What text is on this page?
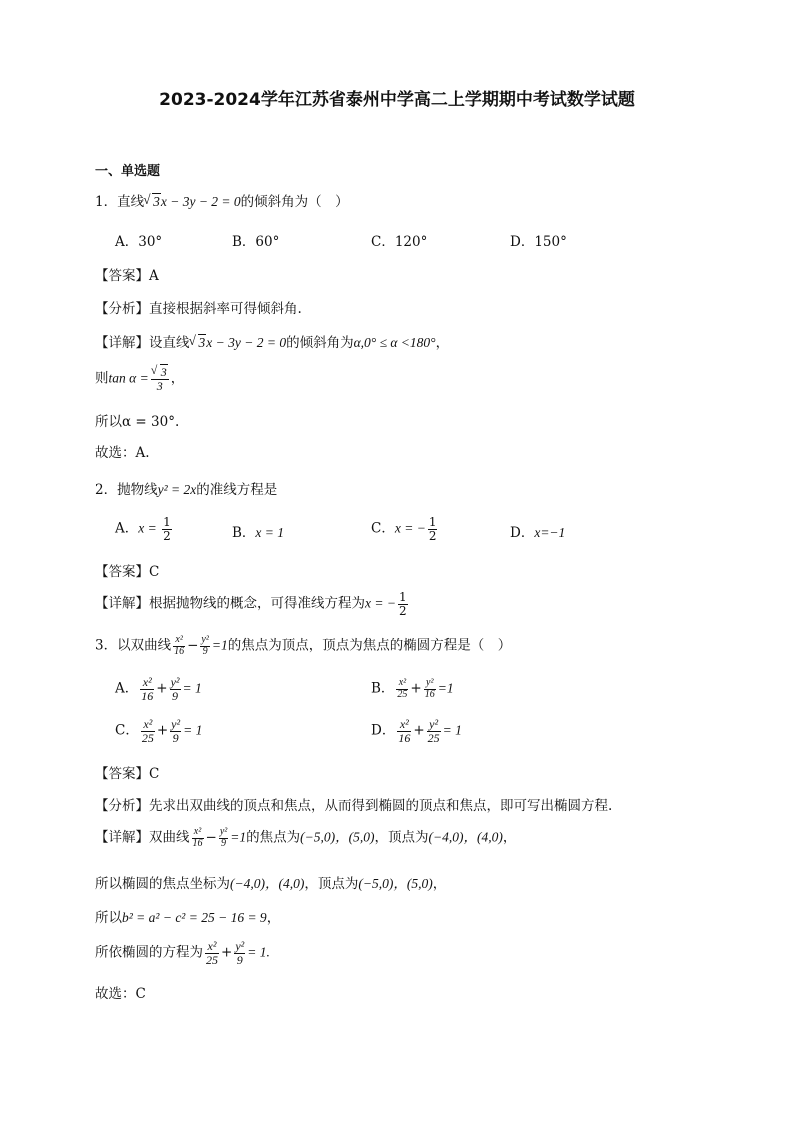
2023-2024学年江苏省泰州中学高二上学期期中考试数学试题
一、单选题
1．直线 √ 3x − 3y − 2 = 0的倾斜角为（　）
A．30°	B．60°	C．120°	D．150°
【答案】A
【分析】直接根据斜率可得倾斜角.
【详解】设直线 √ 3x − 3y − 2 = 0的倾斜角为α,0° ≤ α <180°，
则tan α = √ $\frac{3}{3}$ ，
所以α = 30°.
故选：A.
2．抛物线y² = 2x的准线方程是
A．$x = \frac{1}{2}$	B．x = 1	C．x = − $\frac{1}{2}$	D．x=−1
【答案】C
【详解】根据抛物线的概念，可得准线方程为x = − $\frac{1}{2}$
3．以双曲线 $\frac{\text{x²}}{16} - \frac{\text{y²}}{9} =1$的焦点为顶点，顶点为焦点的椭圆方程是（　）
A． $\frac{\text{x²}}{16} + \frac{\text{y²}}{9} = 1$	B． $\frac{\text{x²}}{25} + \frac{\text{y²}}{16} =1$
C． $\frac{\text{x²}}{25} + \frac{\text{y²}}{9} = 1$	D． $\frac{\text{x²}}{16} + \frac{\text{y²}}{25} = 1$
【答案】C
【分析】先求出双曲线的顶点和焦点，从而得到椭圆的顶点和焦点，即可写出椭圆方程.
【详解】双曲线 $\frac{\text{x²}}{16} - \frac{\text{y²}}{9} =1$的焦点为(−5,0)，(5,0)，顶点为(−4,0)，(4,0)，
所以椭圆的焦点坐标为(−4,0)，(4,0)，顶点为(−5,0)，(5,0)，
所以b² = a² − c² = 25 − 16 = 9，
所依椭圆的方程为 $\frac{\text{x²}}{25} + \frac{\text{y²}}{9} = 1$.
故选：C
